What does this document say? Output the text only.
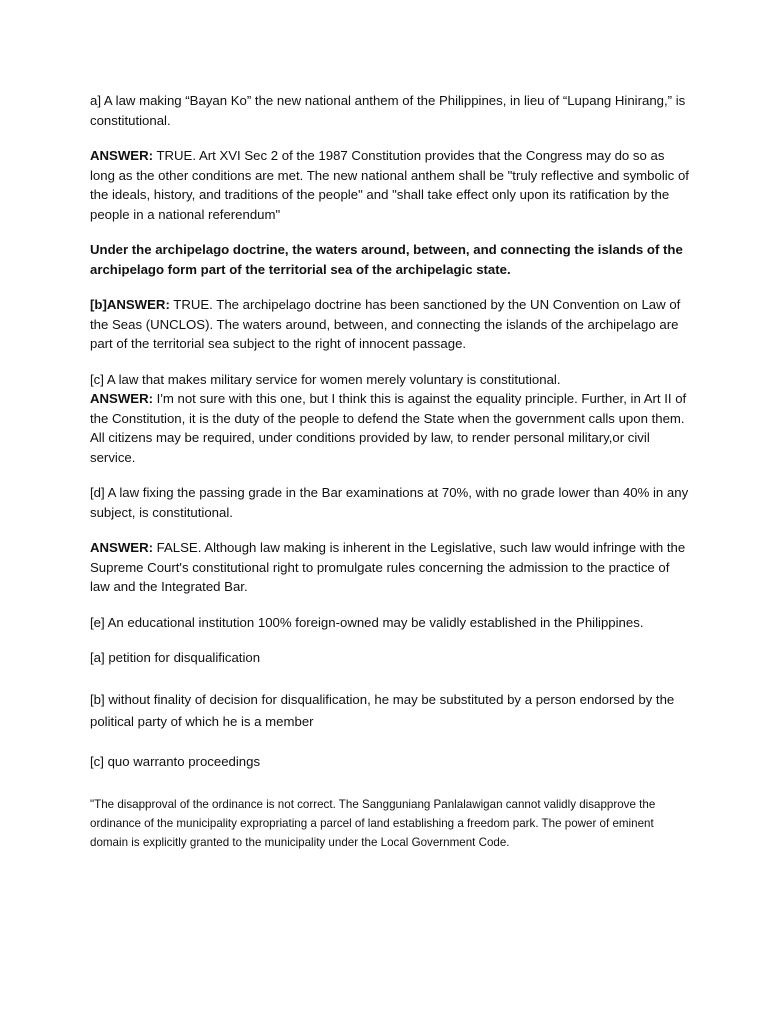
a] A law making “Bayan Ko” the new national anthem of the Philippines, in lieu of “Lupang Hinirang,” is constitutional.

ANSWER: TRUE. Art XVI Sec 2 of the 1987 Constitution provides that the Congress may do so as long as the other conditions are met. The new national anthem shall be "truly reflective and symbolic of the ideals, history, and traditions of the people" and "shall take effect only upon its ratification by the people in a national referendum"

Under the archipelago doctrine, the waters around, between, and connecting the islands of the archipelago form part of the territorial sea of the archipelagic state.

[b]ANSWER: TRUE. The archipelago doctrine has been sanctioned by the UN Convention on Law of the Seas (UNCLOS). The waters around, between, and connecting the islands of the archipelago are part of the territorial sea subject to the right of innocent passage.

[c] A law that makes military service for women merely voluntary is constitutional.

ANSWER: I'm not sure with this one, but I think this is against the equality principle. Further, in Art II of the Constitution, it is the duty of the people to defend the State when the government calls upon them. All citizens may be required, under conditions provided by law, to render personal military,or civil service.

[d] A law fixing the passing grade in the Bar examinations at 70%, with no grade lower than 40% in any subject, is constitutional.

ANSWER: FALSE. Although law making is inherent in the Legislative, such law would infringe with the Supreme Court's constitutional right to promulgate rules concerning the admission to the practice of law and the Integrated Bar.

[e] An educational institution 100% foreign-owned may be validly established in the Philippines.

[a] petition for disqualification

[b] without finality of decision for disqualification, he may be substituted by a person endorsed by the political party of which he is a member

[c] quo warranto proceedings

"The disapproval of the ordinance is not correct. The Sangguniang Panlalawigan cannot validly disapprove the ordinance of the municipality expropriating a parcel of land establishing a freedom park. The power of eminent domain is explicitly granted to the municipality under the Local Government Code.
